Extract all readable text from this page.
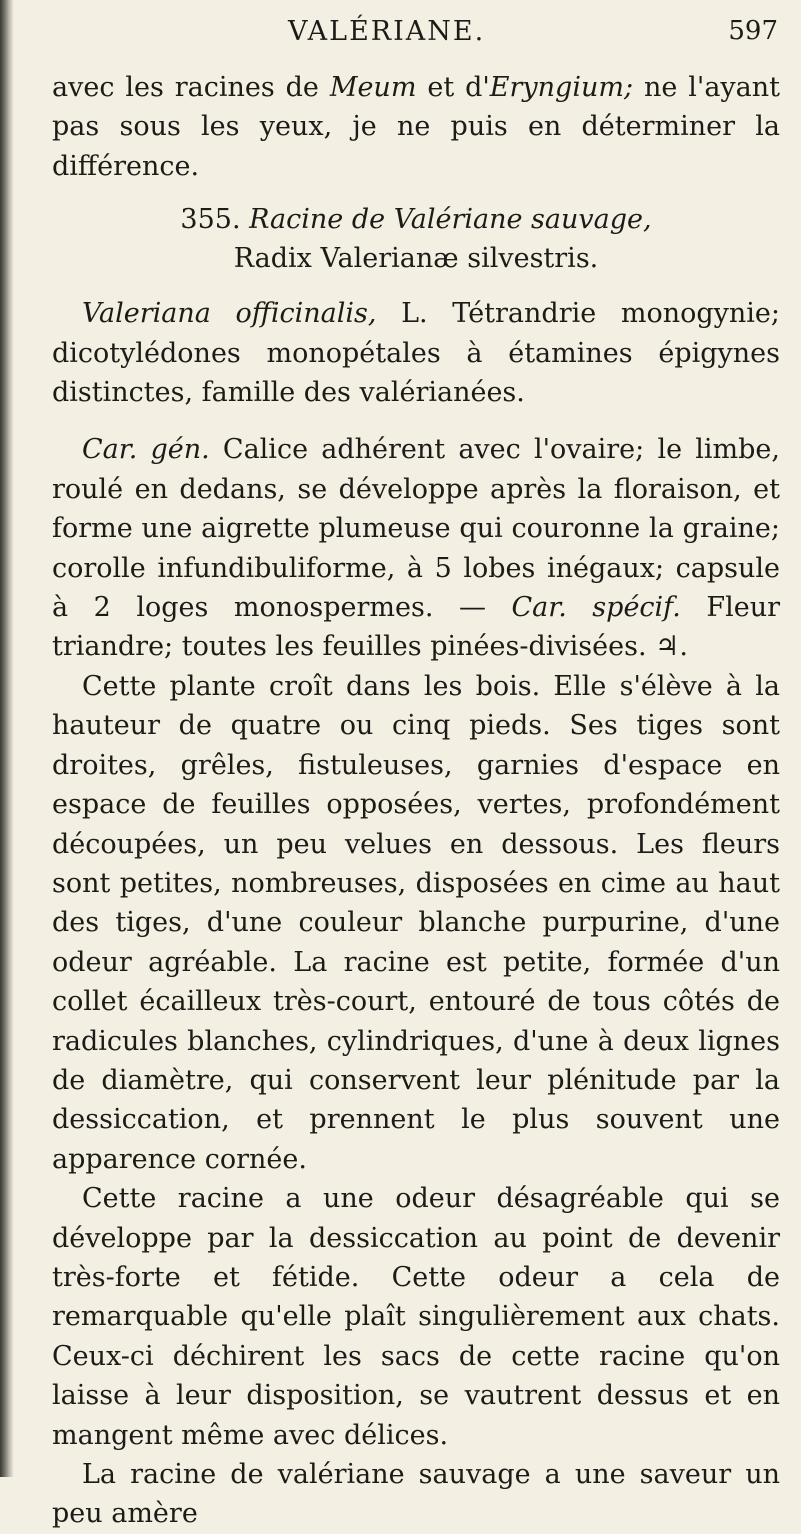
VALÉRIANE.	597

avec les racines de Meum et d'Eryngium; ne l'ayant pas sous les yeux, je ne puis en déterminer la différence.

355. Racine de Valériane sauvage,
Radix Valerianæ silvestris.

Valeriana officinalis, L. Tétrandrie monogynie; dicotylédones monopétales à étamines épigynes distinctes, famille des valérianées.

Car. gén. Calice adhérent avec l'ovaire; le limbe, roulé en dedans, se développe après la floraison, et forme une aigrette plumeuse qui couronne la graine; corolle infundibuliforme, à 5 lobes inégaux; capsule à 2 loges monospermes. — Car. spécif. Fleur triandre; toutes les feuilles pinées-divisées. ♃.

Cette plante croît dans les bois. Elle s'élève à la hauteur de quatre ou cinq pieds. Ses tiges sont droites, grêles, fistuleuses, garnies d'espace en espace de feuilles opposées, vertes, profondément découpées, un peu velues en dessous. Les fleurs sont petites, nombreuses, disposées en cime au haut des tiges, d'une couleur blanche purpurine, d'une odeur agréable. La racine est petite, formée d'un collet écailleux très-court, entouré de tous côtés de radicules blanches, cylindriques, d'une à deux lignes de diamètre, qui conservent leur plénitude par la dessiccation, et prennent le plus souvent une apparence cornée.

Cette racine a une odeur désagréable qui se développe par la dessiccation au point de devenir très-forte et fétide. Cette odeur a cela de remarquable qu'elle plaît singulièrement aux chats. Ceux-ci déchirent les sacs de cette racine qu'on laisse à leur disposition, se vautrent dessus et en mangent même avec délices.

La racine de valériane sauvage a une saveur un peu amère
